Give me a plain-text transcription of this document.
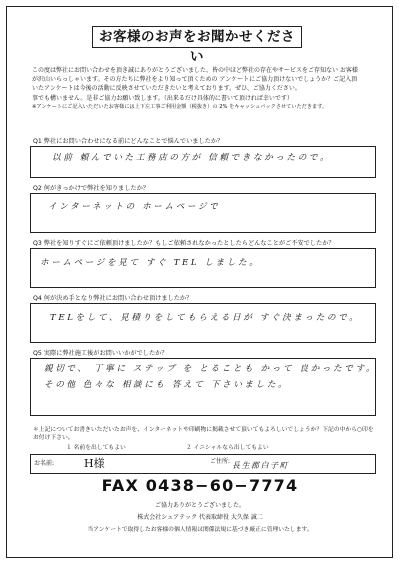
お客様のお声をお聞かせください
この度は弊社にお問い合わせを頂き誠にありがとうございました。皆の中ほど弊社の存在やサービスをご存知ない お客様
が沢山いらっしゃいます。その方たちに弊社をより知って頂くための アンケートにご協力頂けないでしょうか？ご記入頂
いたアンケートは今後の活動に反映させていただきたいと考えております。ぜひ、ご協力ください。
事でも構いません。是非ご協力お願い致します。（出来るだけ具体的に書いて頂ければ幸いです）
※アンケートにご記入いただいたお客様には上下左工事ご利用金額（税抜き）の 2% をキャッシュバックさせていただきます。
Q1 弊社にお問い合わせになる前にどんなことで悩んでいましたか？
以前 頼んでいた工務店の方が 信頼できなかったので。
Q2 何がきっかけで弊社を知りましたか？
インターネットの ホームページで
Q3 弊社を知りすぐにご依頼頂けましたか？もしご依頼されなかったとしたらどんなことがご不安でしたか？
ホームページを見て すぐ TEL しました。
Q4 何が決め手となり弊社にお問い合わせ頂けましたか？
TELをして、見積りをしてもらえる日が すぐ決まったので。
Q5 実際に弊社施工後がお問いいかがでしたか？
親切で、 丁寧に ステップ を とることも かって 良かったです。
その他 色々な 相談にも 答えて 下さいました。
＊上記についてお書きいただいたお声を、インターネットや印刷物に掲載させて頂いてもよろしいでしょうか？下記の中から○印を
お付け下さい。
１ 名前を出してもよい	２ イニシャルなら出してもよい
お名前:	H様	ご住所: 長生郡白子町
FAX 0438−60−7774
ご協力ありがとうございました。
株式会社シェアテック 代表取締役 大久保 誠二
当アンケートで取得したお客様の個人情報は関係法規に基づき厳正に管理いたします。
